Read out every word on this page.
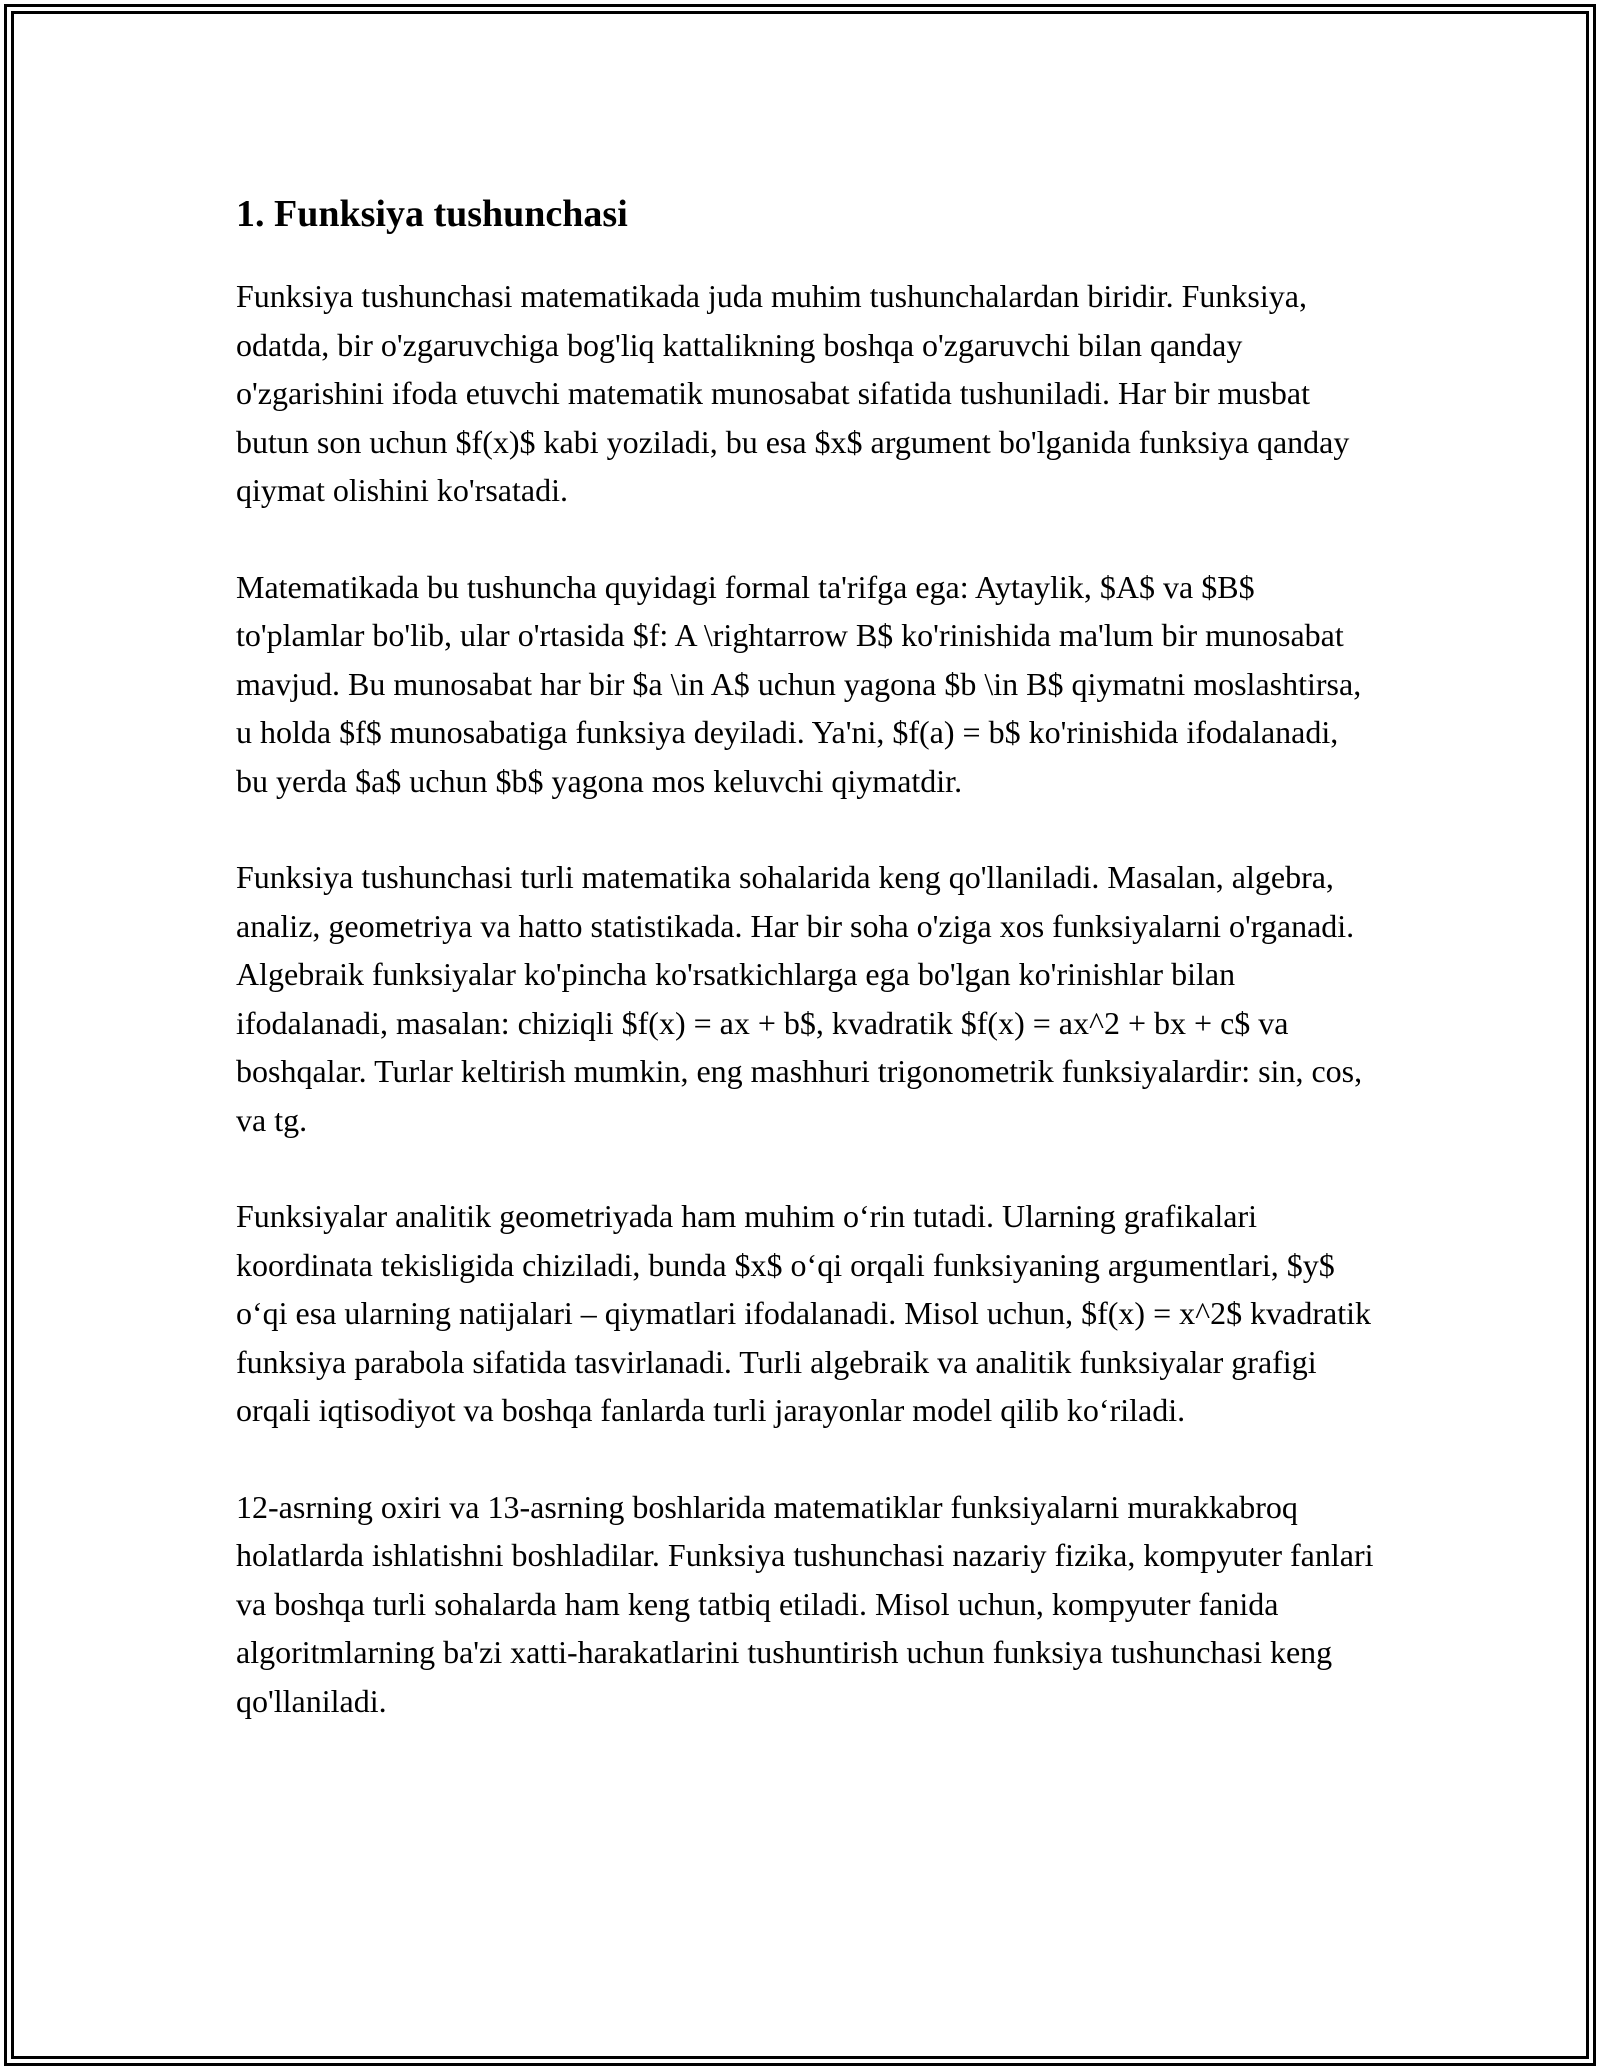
1. Funksiya tushunchasi

Funksiya tushunchasi matematikada juda muhim tushunchalardan biridir. Funksiya, odatda, bir o'zgaruvchiga bog'liq kattalikning boshqa o'zgaruvchi bilan qanday o'zgarishini ifoda etuvchi matematik munosabat sifatida tushuniladi. Har bir musbat butun son uchun $f(x)$ kabi yoziladi, bu esa $x$ argument bo'lganida funksiya qanday qiymat olishini ko'rsatadi.

Matematikada bu tushuncha quyidagi formal ta'rifga ega: Aytaylik, $A$ va $B$ to'plamlar bo'lib, ular o'rtasida $f: A \rightarrow B$ ko'rinishida ma'lum bir munosabat mavjud. Bu munosabat har bir $a \in A$ uchun yagona $b \in B$ qiymatni moslashtirsa, u holda $f$ munosabatiga funksiya deyiladi. Ya'ni, $f(a) = b$ ko'rinishida ifodalanadi, bu yerda $a$ uchun $b$ yagona mos keluvchi qiymatdir.

Funksiya tushunchasi turli matematika sohalarida keng qo'llaniladi. Masalan, algebra, analiz, geometriya va hatto statistikada. Har bir soha o'ziga xos funksiyalarni o'rganadi. Algebraik funksiyalar ko'pincha ko'rsatkichlarga ega bo'lgan ko'rinishlar bilan ifodalanadi, masalan: chiziqli $f(x) = ax + b$, kvadratik $f(x) = ax^2 + bx + c$ va boshqalar. Turlar keltirish mumkin, eng mashhuri trigonometrik funksiyalardir: sin, cos, va tg.

Funksiyalar analitik geometriyada ham muhim o‘rin tutadi. Ularning grafikalari koordinata tekisligida chiziladi, bunda $x$ o‘qi orqali funksiyaning argumentlari, $y$ o‘qi esa ularning natijalari – qiymatlari ifodalanadi. Misol uchun, $f(x) = x^2$ kvadratik funksiya parabola sifatida tasvirlanadi. Turli algebraik va analitik funksiyalar grafigi orqali iqtisodiyot va boshqa fanlarda turli jarayonlar model qilib ko‘riladi.

12-asrning oxiri va 13-asrning boshlarida matematiklar funksiyalarni murakkabroq holatlarda ishlatishni boshladilar. Funksiya tushunchasi nazariy fizika, kompyuter fanlari va boshqa turli sohalarda ham keng tatbiq etiladi. Misol uchun, kompyuter fanida algoritmlarning ba'zi xatti-harakatlarini tushuntirish uchun funksiya tushunchasi keng qo'llaniladi.
